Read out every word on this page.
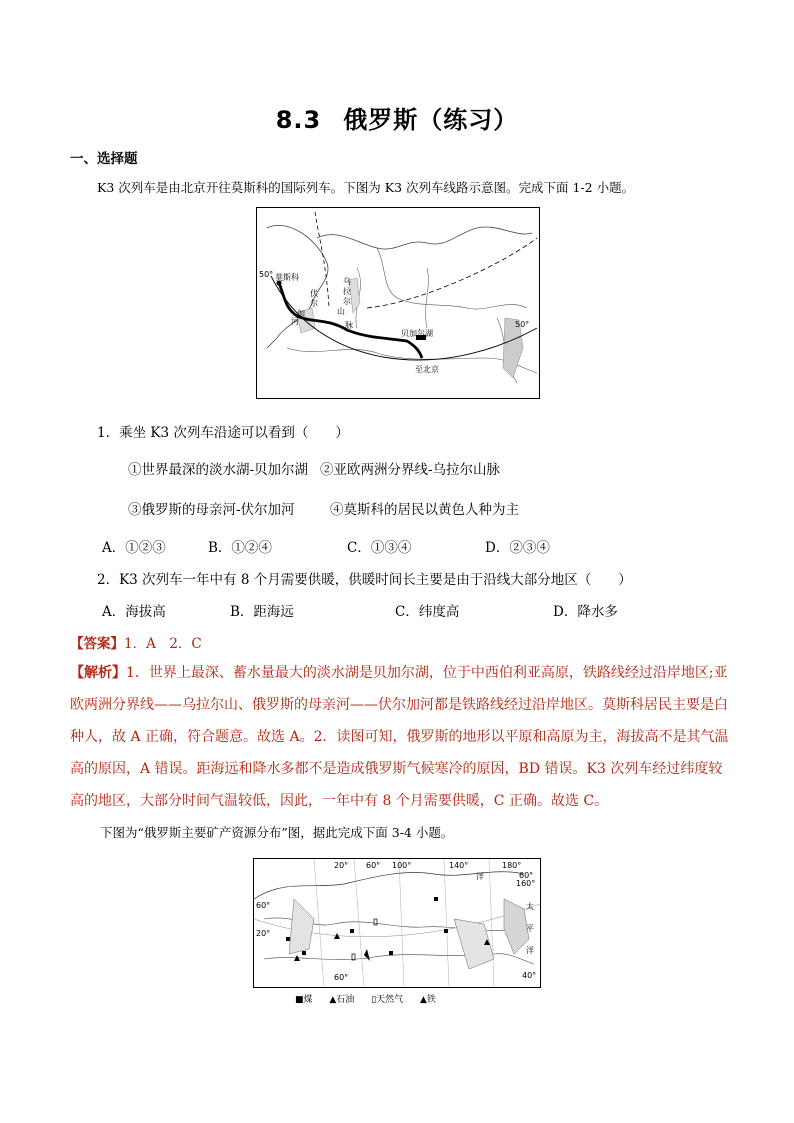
8.3 俄罗斯（练习）
一、选择题
K3 次列车是由北京开往莫斯科的国际列车。下图为 K3 次列车线路示意图。完成下面 1-2 小题。
50° 莫斯科
伏
尔
加
河
乌
拉
尔
山
脉
贝加尔湖
50°
至北京
1．乘坐 K3 次列车沿途可以看到（　　）
①世界最深的淡水湖-贝加尔湖 ②亚欧两洲分界线-乌拉尔山脉
③俄罗斯的母亲河-伏尔加河	④莫斯科的居民以黄色人种为主
A．①②③	B．①②④	C．①③④	D．②③④
2．K3 次列车一年中有 8 个月需要供暖，供暖时间长主要是由于沿线大部分地区（　　）
A．海拔高	B．距海远	C．纬度高	D．降水多
【答案】1．A　2．C
【解析】1．世界上最深、蓄水量最大的淡水湖是贝加尔湖，位于中西伯利亚高原，铁路线经过沿岸地区;亚欧两洲分界线——乌拉尔山、俄罗斯的母亲河——伏尔加河都是铁路线经过沿岸地区。莫斯科居民主要是白种人，故 A 正确，符合题意。故选 A。2．读图可知，俄罗斯的地形以平原和高原为主，海拔高不是其气温高的原因，A 错误。距海远和降水多都不是造成俄罗斯气候寒冷的原因，BD 错误。K3 次列车经过纬度较高的地区，大部分时间气温较低，因此，一年中有 8 个月需要供暖，C 正确。故选 C。
下图为“俄罗斯主要矿产资源分布”图，据此完成下面 3-4 小题。
20° 60° 100°	140°	180°
60°
160°
60°
20°
60°	40°
洋
太
平
洋
■煤 ▲石油 ▯天然气 ▲铁
